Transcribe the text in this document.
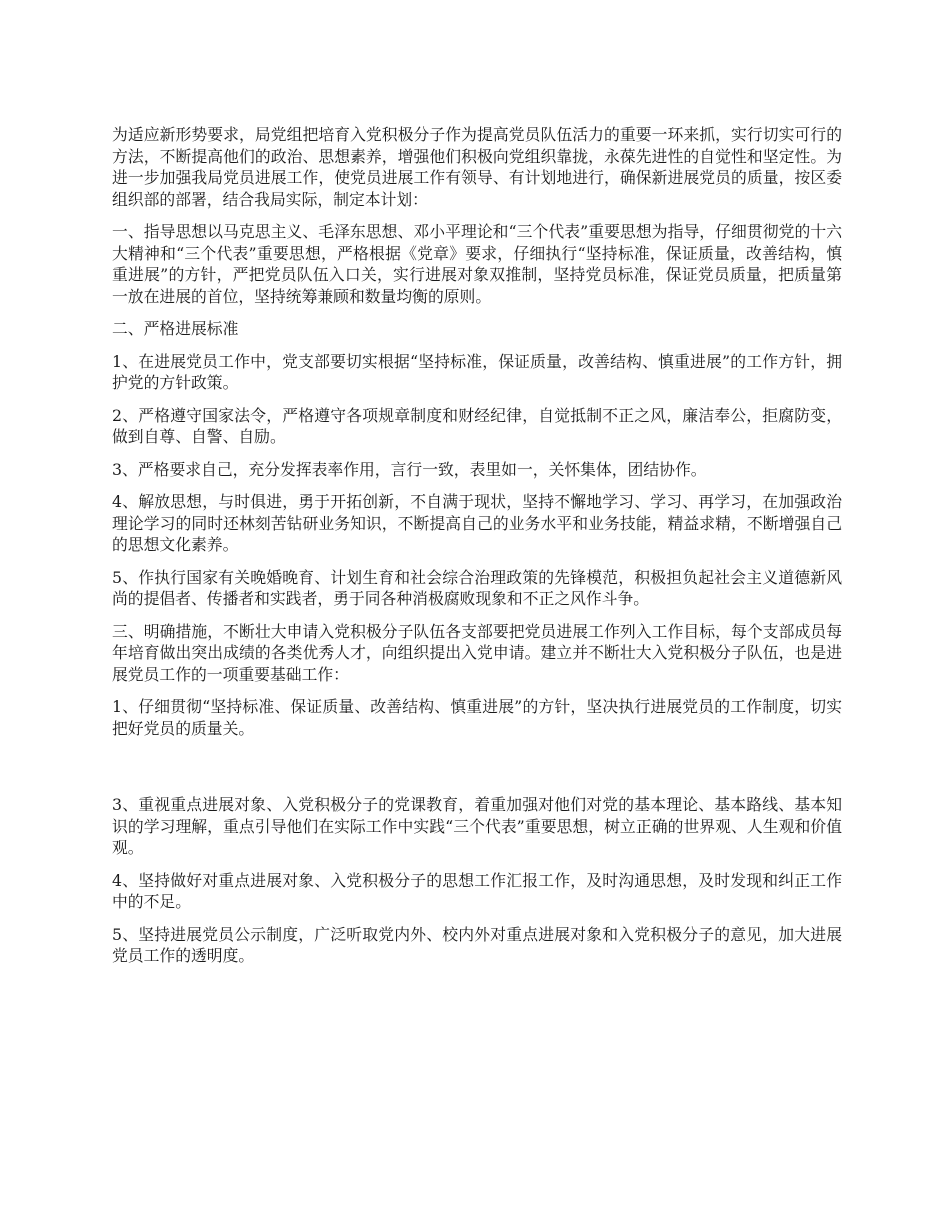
为适应新形势要求，局党组把培育入党积极分子作为提高党员队伍活力的重要一环来抓，实行切实可行的方法，不断提高他们的政治、思想素养，增强他们积极向党组织靠拢，永葆先进性的自觉性和坚定性。为进一步加强我局党员进展工作，使党员进展工作有领导、有计划地进行，确保新进展党员的质量，按区委组织部的部署，结合我局实际，制定本计划：

一、指导思想以马克思主义、毛泽东思想、邓小平理论和“三个代表”重要思想为指导，仔细贯彻党的十六大精神和“三个代表”重要思想，严格根据《党章》要求，仔细执行“坚持标准，保证质量，改善结构，慎重进展”的方针，严把党员队伍入口关，实行进展对象双推制，坚持党员标准，保证党员质量，把质量第一放在进展的首位，坚持统筹兼顾和数量均衡的原则。

二、严格进展标准

1、在进展党员工作中，党支部要切实根据“坚持标准，保证质量，改善结构、慎重进展”的工作方针，拥护党的方针政策。

2、严格遵守国家法令，严格遵守各项规章制度和财经纪律，自觉抵制不正之风，廉洁奉公，拒腐防变，做到自尊、自警、自励。

3、严格要求自己，充分发挥表率作用，言行一致，表里如一，关怀集体，团结协作。

4、解放思想，与时俱进，勇于开拓创新，不自满于现状，坚持不懈地学习、学习、再学习，在加强政治理论学习的同时还林刻苦钻研业务知识，不断提高自己的业务水平和业务技能，精益求精，不断增强自己的思想文化素养。

5、作执行国家有关晚婚晚育、计划生育和社会综合治理政策的先锋模范，积极担负起社会主义道德新风尚的提倡者、传播者和实践者，勇于同各种消极腐败现象和不正之风作斗争。

三、明确措施，不断壮大申请入党积极分子队伍各支部要把党员进展工作列入工作目标，每个支部成员每年培育做出突出成绩的各类优秀人才，向组织提出入党申请。建立并不断壮大入党积极分子队伍，也是进展党员工作的一项重要基础工作：

1、仔细贯彻“坚持标准、保证质量、改善结构、慎重进展”的方针，坚决执行进展党员的工作制度，切实把好党员的质量关。

3、重视重点进展对象、入党积极分子的党课教育，着重加强对他们对党的基本理论、基本路线、基本知识的学习理解，重点引导他们在实际工作中实践“三个代表”重要思想，树立正确的世界观、人生观和价值观。

4、坚持做好对重点进展对象、入党积极分子的思想工作汇报工作，及时沟通思想，及时发现和纠正工作中的不足。

5、坚持进展党员公示制度，广泛听取党内外、校内外对重点进展对象和入党积极分子的意见，加大进展党员工作的透明度。
